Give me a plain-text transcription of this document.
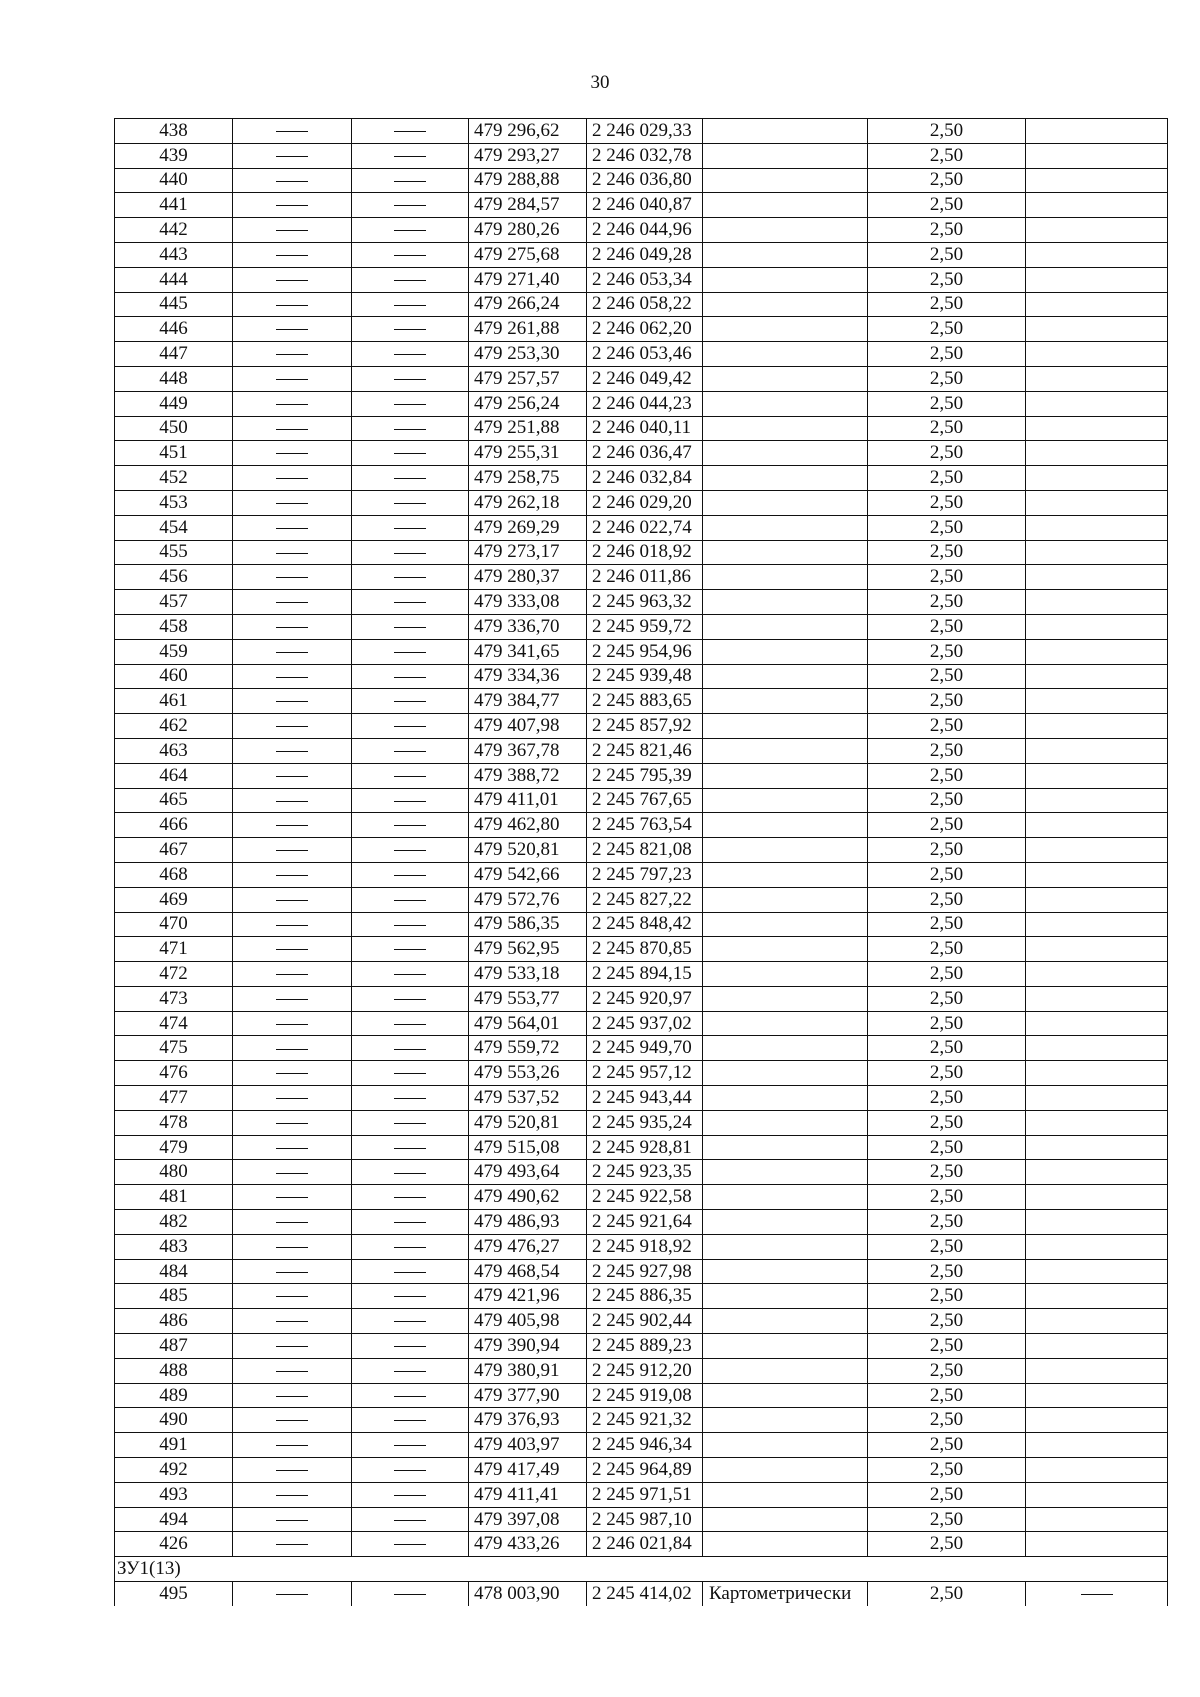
30
438			479 296,62	2 246 029,33		2,50	
439			479 293,27	2 246 032,78		2,50	
440			479 288,88	2 246 036,80		2,50	
441			479 284,57	2 246 040,87		2,50	
442			479 280,26	2 246 044,96		2,50	
443			479 275,68	2 246 049,28		2,50	
444			479 271,40	2 246 053,34		2,50	
445			479 266,24	2 246 058,22		2,50	
446			479 261,88	2 246 062,20		2,50	
447			479 253,30	2 246 053,46		2,50	
448			479 257,57	2 246 049,42		2,50	
449			479 256,24	2 246 044,23		2,50	
450			479 251,88	2 246 040,11		2,50	
451			479 255,31	2 246 036,47		2,50	
452			479 258,75	2 246 032,84		2,50	
453			479 262,18	2 246 029,20		2,50	
454			479 269,29	2 246 022,74		2,50	
455			479 273,17	2 246 018,92		2,50	
456			479 280,37	2 246 011,86		2,50	
457			479 333,08	2 245 963,32		2,50	
458			479 336,70	2 245 959,72		2,50	
459			479 341,65	2 245 954,96		2,50	
460			479 334,36	2 245 939,48		2,50	
461			479 384,77	2 245 883,65		2,50	
462			479 407,98	2 245 857,92		2,50	
463			479 367,78	2 245 821,46		2,50	
464			479 388,72	2 245 795,39		2,50	
465			479 411,01	2 245 767,65		2,50	
466			479 462,80	2 245 763,54		2,50	
467			479 520,81	2 245 821,08		2,50	
468			479 542,66	2 245 797,23		2,50	
469			479 572,76	2 245 827,22		2,50	
470			479 586,35	2 245 848,42		2,50	
471			479 562,95	2 245 870,85		2,50	
472			479 533,18	2 245 894,15		2,50	
473			479 553,77	2 245 920,97		2,50	
474			479 564,01	2 245 937,02		2,50	
475			479 559,72	2 245 949,70		2,50	
476			479 553,26	2 245 957,12		2,50	
477			479 537,52	2 245 943,44		2,50	
478			479 520,81	2 245 935,24		2,50	
479			479 515,08	2 245 928,81		2,50	
480			479 493,64	2 245 923,35		2,50	
481			479 490,62	2 245 922,58		2,50	
482			479 486,93	2 245 921,64		2,50	
483			479 476,27	2 245 918,92		2,50	
484			479 468,54	2 245 927,98		2,50	
485			479 421,96	2 245 886,35		2,50	
486			479 405,98	2 245 902,44		2,50	
487			479 390,94	2 245 889,23		2,50	
488			479 380,91	2 245 912,20		2,50	
489			479 377,90	2 245 919,08		2,50	
490			479 376,93	2 245 921,32		2,50	
491			479 403,97	2 245 946,34		2,50	
492			479 417,49	2 245 964,89		2,50	
493			479 411,41	2 245 971,51		2,50	
494			479 397,08	2 245 987,10		2,50	
426			479 433,26	2 246 021,84		2,50	
ЗУ1(13)							
495			478 003,90	2 245 414,02	Картометрически	2,50	
